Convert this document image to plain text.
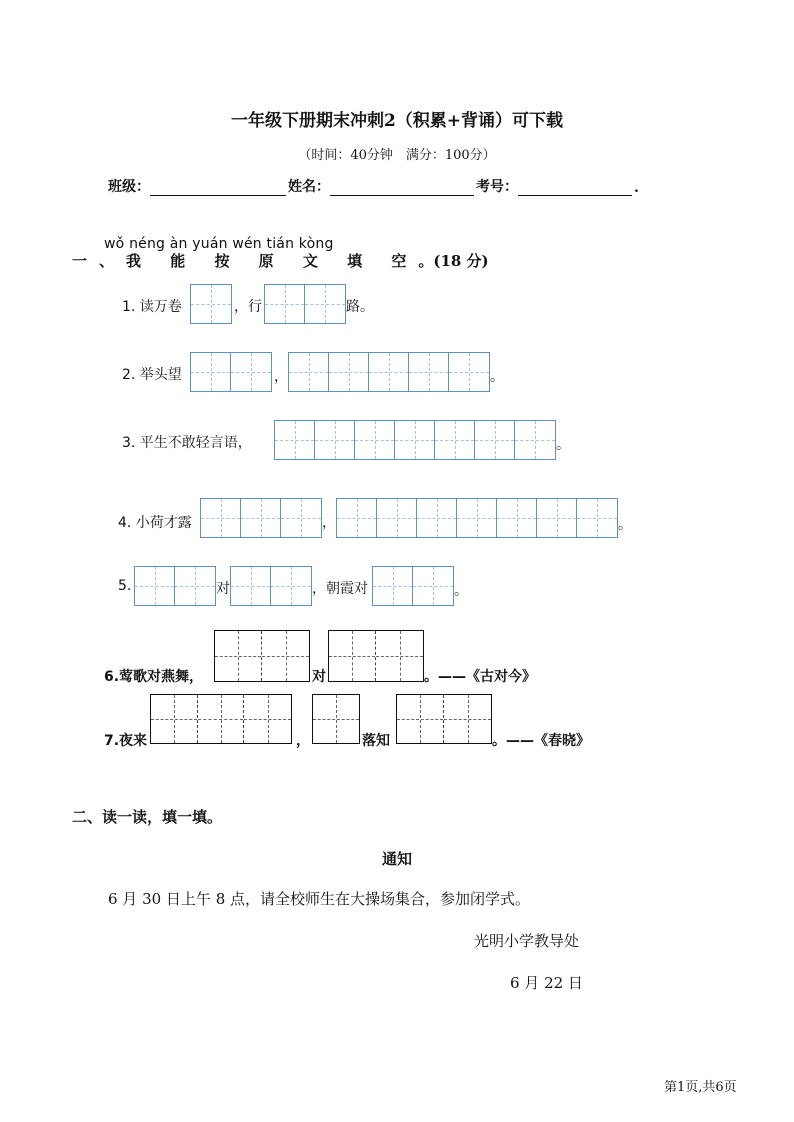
一年级下册期末冲刺2（积累+背诵）可下载
（时间：40分钟　满分：100分）
班级：	姓名：	考号：	.
wǒ néng àn yuán wén tián kòng
一、我 能 按 原 文 填 空。(18 分)
1. 读万卷	， 行	路。
2. 举头望	，	。
3. 平生不敢轻言语，	。
4. 小荷才露	，	。
5.	对	，朝霞对	。
6.莺歌对燕舞，	对	。——《古对今》
7.夜来	，	落知	。——《春晓》
二、读一读，填一填。
通知
6 月 30 日上午 8 点，请全校师生在大操场集合，参加闭学式。
光明小学教导处
6 月 22 日
第1页,共6页
